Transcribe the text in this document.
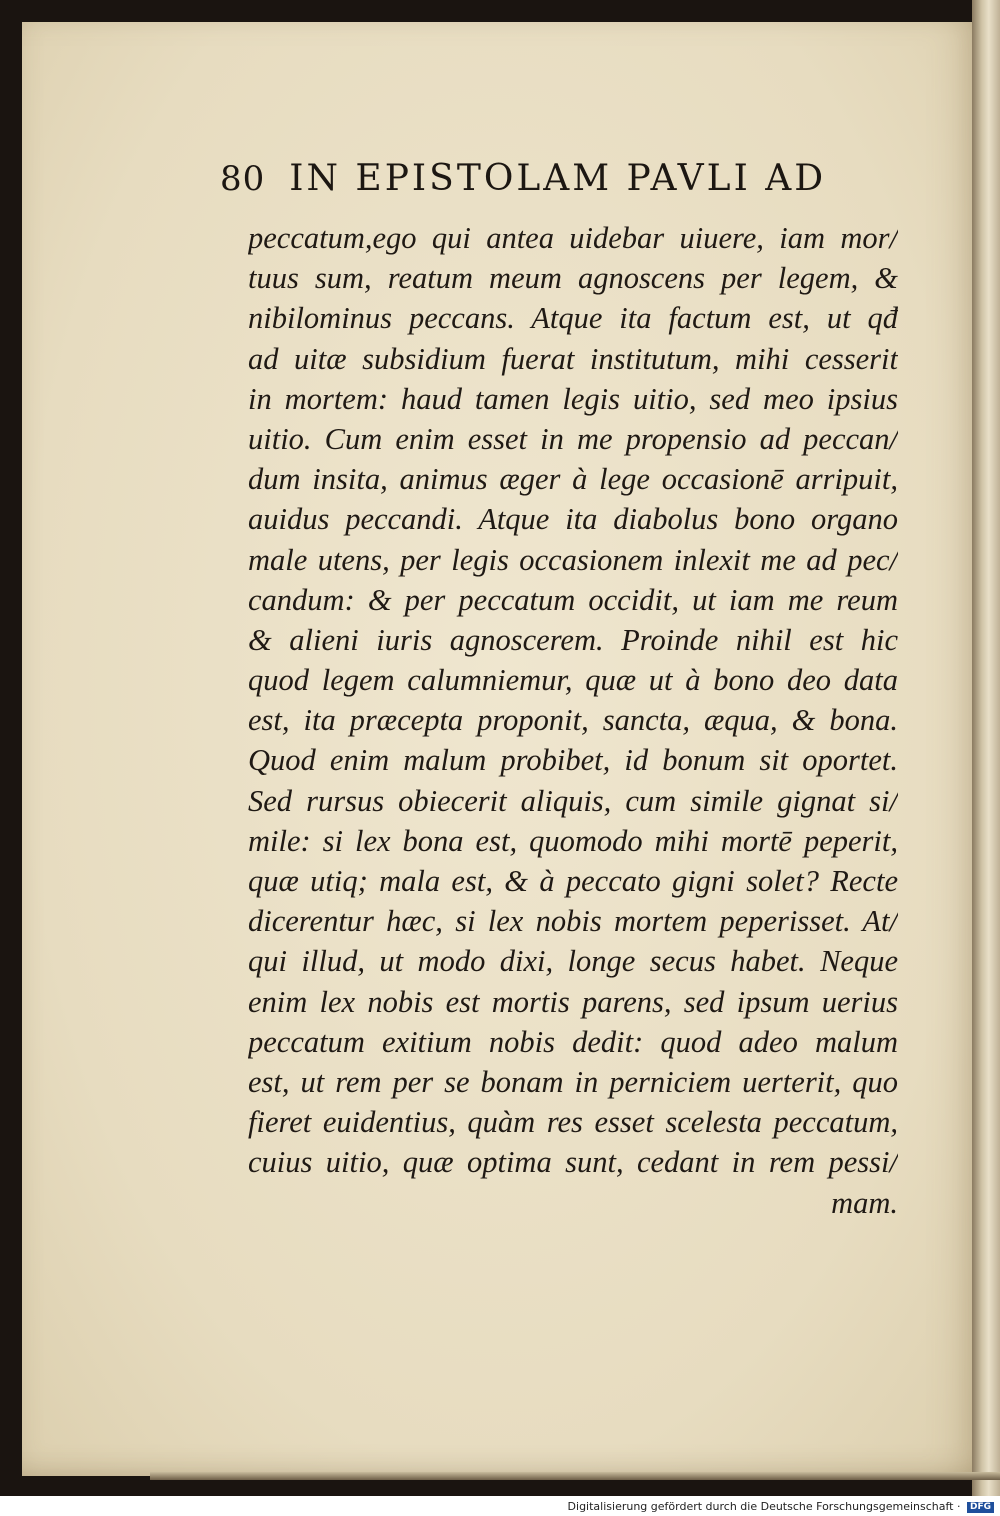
80 IN EPISTOLAM PAVLI AD
peccatum,ego qui antea uidebar uiuere, iam mor/
tuus sum, reatum meum agnoscens per legem, &
nibilominus peccans. Atque ita factum est, ut qđ
ad uitæ subsidium fuerat institutum, mihi cesserit
in mortem: haud tamen legis uitio, sed meo ipsius
uitio. Cum enim esset in me propensio ad peccan/
dum insita, animus æger à lege occasionē arripuit,
auidus peccandi. Atque ita diabolus bono organo
male utens, per legis occasionem inlexit me ad pec/
candum: & per peccatum occidit, ut iam me reum
& alieni iuris agnoscerem. Proinde nihil est hic
quod legem calumniemur, quæ ut à bono deo data
est, ita præcepta proponit, sancta, æqua, & bona.
Quod enim malum probibet, id bonum sit oportet.
Sed rursus obiecerit aliquis, cum simile gignat si/
mile: si lex bona est, quomodo mihi mortē peperit,
quæ utiq; mala est, & à peccato gigni solet? Recte
dicerentur hæc, si lex nobis mortem peperisset. At/
qui illud, ut modo dixi, longe secus habet. Neque
enim lex nobis est mortis parens, sed ipsum uerius
peccatum exitium nobis dedit: quod adeo malum
est, ut rem per se bonam in perniciem uerterit, quo
fieret euidentius, quàm res esset scelesta peccatum,
cuius uitio, quæ optima sunt, cedant in rem pessi/
mam.
Digitalisierung gefördert durch die Deutsche Forschungsgemeinschaft · DFG
